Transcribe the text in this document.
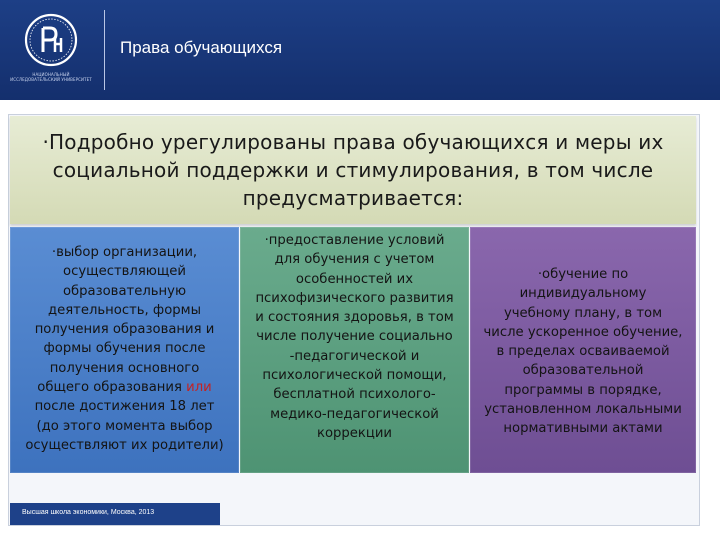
НАЦИОНАЛЬНЫЙ ИССЛЕДОВАТЕЛЬСКИЙ УНИВЕРСИТЕТ
Права обучающихся
·Подробно урегулированы права обучающихся и меры их социальной поддержки и стимулирования, в том числе предусматривается:
·выбор организации,
осуществляющей
образовательную
деятельность, формы
получения образования и
формы обучения после
получения основного
общего образования или
после достижения 18 лет
(до этого момента выбор
осуществляют их родители)
·предоставление условий
для обучения с учетом
особенностей их
психофизического развития
и состояния здоровья, в том
числе получение социально
-педагогической и
психологической помощи,
бесплатной психолого-
медико-педагогической
коррекции
·обучение по
индивидуальному
учебному плану, в том
числе ускоренное обучение,
в пределах осваиваемой
образовательной
программы в порядке,
установленном локальными
нормативными актами
Высшая школа экономики, Москва, 2013
